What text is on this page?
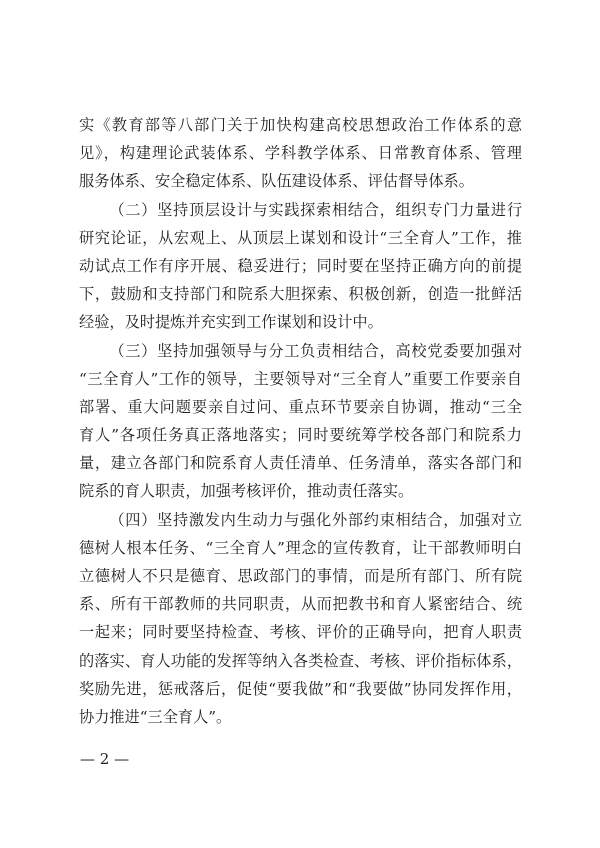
实《教育部等八部门关于加快构建高校思想政治工作体系的意
见》，构建理论武装体系、学科教学体系、日常教育体系、管理
服务体系、安全稳定体系、队伍建设体系、评估督导体系。
（二）坚持顶层设计与实践探索相结合，组织专门力量进行
研究论证，从宏观上、从顶层上谋划和设计“三全育人”工作，推
动试点工作有序开展、稳妥进行；同时要在坚持正确方向的前提
下，鼓励和支持部门和院系大胆探索、积极创新，创造一批鲜活
经验，及时提炼并充实到工作谋划和设计中。
（三）坚持加强领导与分工负责相结合，高校党委要加强对
“三全育人”工作的领导，主要领导对“三全育人”重要工作要亲自
部署、重大问题要亲自过问、重点环节要亲自协调，推动“三全
育人”各项任务真正落地落实；同时要统筹学校各部门和院系力
量，建立各部门和院系育人责任清单、任务清单，落实各部门和
院系的育人职责，加强考核评价，推动责任落实。
（四）坚持激发内生动力与强化外部约束相结合，加强对立
德树人根本任务、“三全育人”理念的宣传教育，让干部教师明白
立德树人不只是德育、思政部门的事情，而是所有部门、所有院
系、所有干部教师的共同职责，从而把教书和育人紧密结合、统
一起来；同时要坚持检查、考核、评价的正确导向，把育人职责
的落实、育人功能的发挥等纳入各类检查、考核、评价指标体系，
奖励先进，惩戒落后，促使“要我做”和“我要做”协同发挥作用，
协力推进“三全育人”。
— 2 —
